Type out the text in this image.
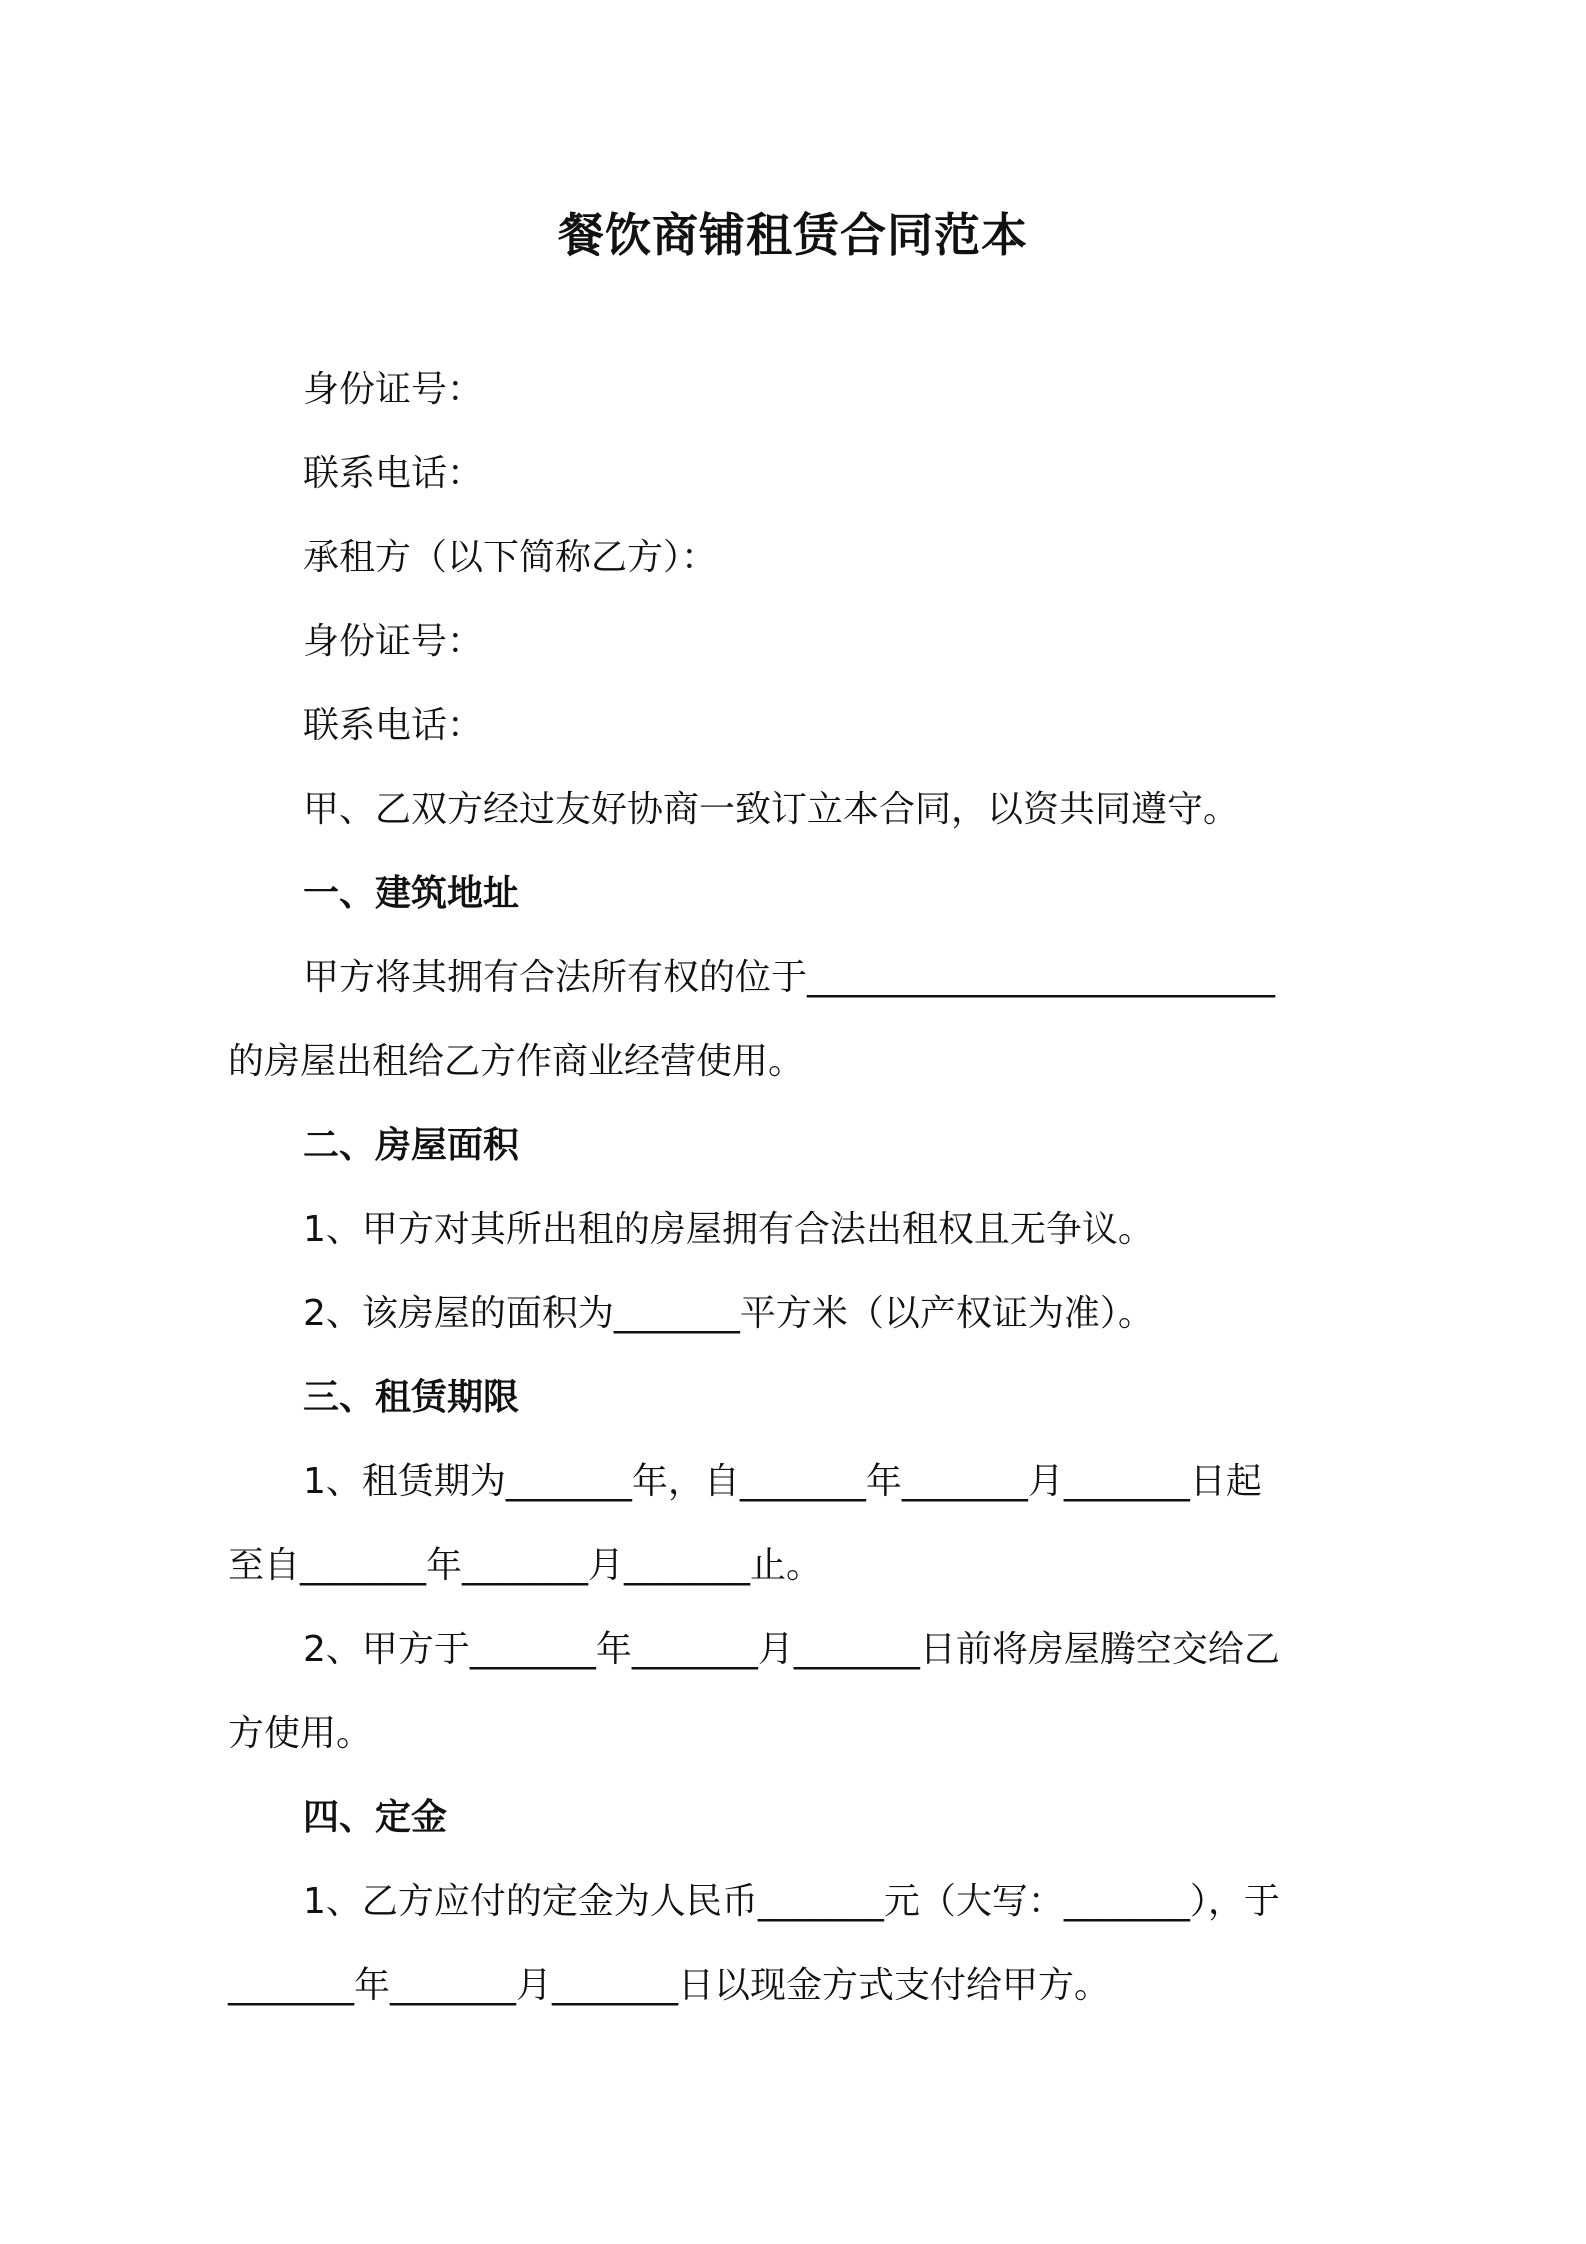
餐饮商铺租赁合同范本
身份证号：
联系电话：
承租方（以下简称乙方）：
身份证号：
联系电话：
甲、乙双方经过友好协商一致订立本合同，以资共同遵守。
一、建筑地址
甲方将其拥有合法所有权的位于__________________________
的房屋出租给乙方作商业经营使用。
二、房屋面积
1、甲方对其所出租的房屋拥有合法出租权且无争议。
2、该房屋的面积为_______平方米（以产权证为准）。
三、租赁期限
1、租赁期为_______年，自_______年_______月_______日起
至自_______年_______月_______止。
2、甲方于_______年_______月_______日前将房屋腾空交给乙
方使用。
四、定金
1、乙方应付的定金为人民币_______元（大写：_______），于
_______年_______月_______日以现金方式支付给甲方。
